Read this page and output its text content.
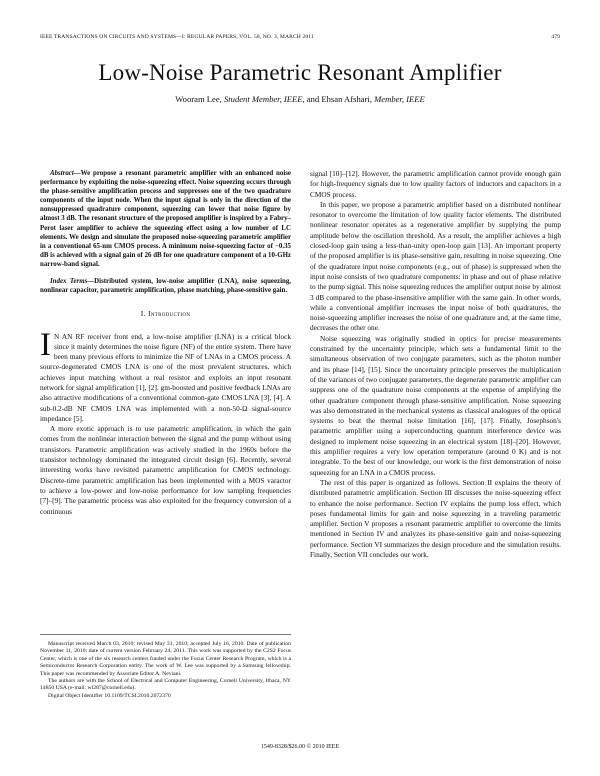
IEEE TRANSACTIONS ON CIRCUITS AND SYSTEMS—I: REGULAR PAPERS, VOL. 58, NO. 3, MARCH 2011	479
Low-Noise Parametric Resonant Amplifier
Wooram Lee, Student Member, IEEE, and Ehsan Afshari, Member, IEEE

Abstract—We propose a resonant parametric amplifier with an enhanced noise performance by exploiting the noise-squeezing effect. Noise squeezing occurs through the phase-sensitive amplification process and suppresses one of the two quadrature components of the input node. When the input signal is only in the direction of the nonsuppressed quadrature component, squeezing can lower that noise figure by almost 3 dB. The resonant structure of the proposed amplifier is inspired by a Fabry–Perot laser amplifier to achieve the squeezing effect using a low number of LC elements. We design and simulate the proposed noise-squeezing parametric amplifier in a conventional 65-nm CMOS process. A minimum noise-squeezing factor of −0.35 dB is achieved with a signal gain of 26 dB for one quadrature component of a 10-GHz narrow-band signal.

Index Terms—Distributed system, low-noise amplifier (LNA), noise squeezing, nonlinear capacitor, parametric amplification, phase matching, phase-sensitive gain.

I. Introduction

I N AN RF receiver front end, a low-noise amplifier (LNA) is a critical block since it mainly determines the noise figure (NF) of the entire system. There have been many previous efforts to minimize the NF of LNAs in a CMOS process. A source-degenerated CMOS LNA is one of the most prevalent structures, which achieves input matching without a real resistor and exploits an input resonant network for signal amplification [1], [2]. gm-boosted and positive feedback LNAs are also attractive modifications of a conventional common-gate CMOS LNA [3], [4]. A sub-0.2-dB NF CMOS LNA was implemented with a non-50-Ω signal-source impedance [5].

A more exotic approach is to use parametric amplification, in which the gain comes from the nonlinear interaction between the signal and the pump without using transistors. Parametric amplification was actively studied in the 1960s before the transistor technology dominated the integrated circuit design [6]. Recently, several interesting works have revisited parametric amplification for CMOS technology. Discrete-time parametric amplification has been implemented with a MOS varactor to achieve a low-power and low-noise performance for low sampling frequencies [7]–[9]. The parametric process was also exploited for the frequency conversion of a continuous

signal [10]–[12]. However, the parametric amplification cannot provide enough gain for high-frequency signals due to low quality factors of inductors and capacitors in a CMOS process.

In this paper, we propose a parametric amplifier based on a distributed nonlinear resonator to overcome the limitation of low quality factor elements. The distributed nonlinear resonator operates as a regenerative amplifier by supplying the pump amplitude below the oscillation threshold. As a result, the amplifier achieves a high closed-loop gain using a less-than-unity open-loop gain [13]. An important property of the proposed amplifier is its phase-sensitive gain, resulting in noise squeezing. One of the quadrature input noise components (e.g., out of phase) is suppressed when the input noise consists of two quadrature components: in phase and out of phase relative to the pump signal. This noise squeezing reduces the amplifier output noise by almost 3 dB compared to the phase-insensitive amplifier with the same gain. In other words, while a conventional amplifier increases the input noise of both quadratures, the noise-squeezing amplifier increases the noise of one quadrature and, at the same time, decreases the other one.

Noise squeezing was originally studied in optics for precise measurements constrained by the uncertainty principle, which sets a fundamental limit to the simultaneous observation of two conjugate parameters, such as the photon number and its phase [14], [15]. Since the uncertainty principle preserves the multiplication of the variances of two conjugate parameters, the degenerate parametric amplifier can suppress one of the quadrature noise components at the expense of amplifying the other quadrature component through phase-sensitive amplification. Noise squeezing was also demonstrated in the mechanical systems as classical analogues of the optical systems to beat the thermal noise limitation [16], [17]. Finally, Josephson's parametric amplifier using a superconducting quantum interference device was designed to implement noise squeezing in an electrical system [18]–[20]. However, this amplifier requires a very low operation temperature (around 0 K) and is not integrable. To the best of our knowledge, our work is the first demonstration of noise squeezing for an LNA in a CMOS process.

The rest of this paper is organized as follows. Section II explains the theory of distributed parametric amplification. Section III discusses the noise-squeezing effect to enhance the noise performance. Section IV explains the pump loss effect, which poses fundamental limits for gain and noise squeezing in a traveling parametric amplifier. Section V proposes a resonant parametric amplifier to overcome the limits mentioned in Section IV and analyzes its phase-sensitive gain and noise-squeezing performance. Section VI summarizes the design procedure and the simulation results. Finally, Section VII concludes our work.

Manuscript received March 03, 2010; revised May 31, 2010; accepted July 16, 2010. Date of publication November 11, 2010; date of current version February 24, 2011. This work was supported by the C2S2 Focus Center, which is one of the six research centers funded under the Focus Center Research Program, which is a Semiconductor Research Corporation entity. The work of W. Lee was supported by a Samsung fellowship. This paper was recommended by Associate Editor A. Neviani.

The authors are with the School of Electrical and Computer Engineering, Cornell University, Ithaca, NY 14850 USA (e-mail: wl287@cornell.edu).

Digital Object Identifier 10.1109/TCSI.2010.2072370

1549-8328/$26.00 © 2010 IEEE
